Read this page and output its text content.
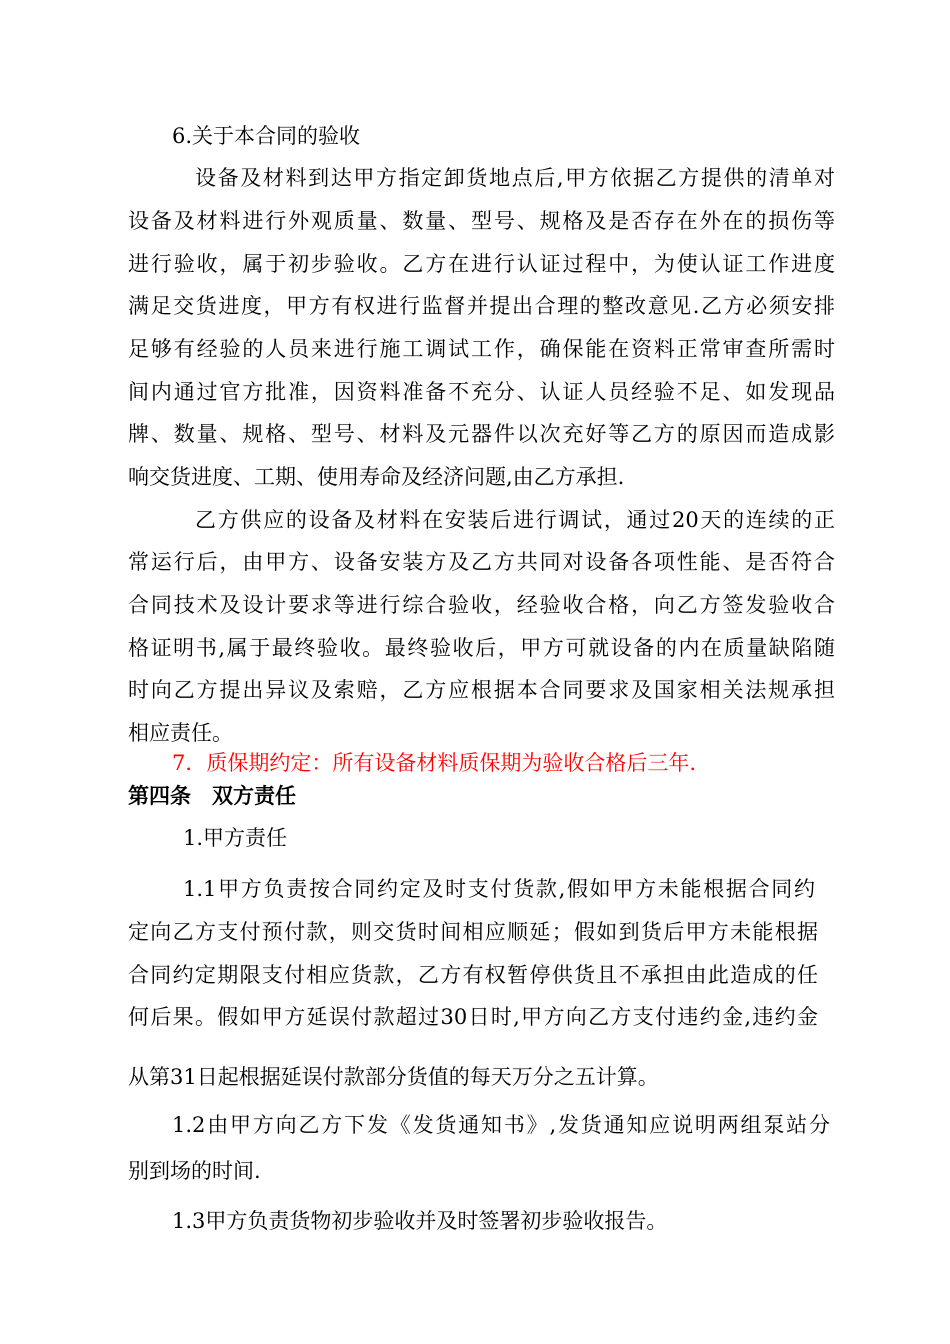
6.关于本合同的验收
设备及材料到达甲方指定卸货地点后,甲方依据乙方提供的清单对
设备及材料进行外观质量、数量、型号、规格及是否存在外在的损伤等
进行验收，属于初步验收。乙方在进行认证过程中，为使认证工作进度
满足交货进度，甲方有权进行监督并提出合理的整改意见.乙方必须安排
足够有经验的人员来进行施工调试工作，确保能在资料正常审查所需时
间内通过官方批准，因资料准备不充分、认证人员经验不足、如发现品
牌、数量、规格、型号、材料及元器件以次充好等乙方的原因而造成影
响交货进度、工期、使用寿命及经济问题,由乙方承担.
乙方供应的设备及材料在安装后进行调试，通过20天的连续的正
常运行后，由甲方、设备安装方及乙方共同对设备各项性能、是否符合
合同技术及设计要求等进行综合验收，经验收合格，向乙方签发验收合
格证明书,属于最终验收。最终验收后，甲方可就设备的内在质量缺陷随
时向乙方提出异议及索赔，乙方应根据本合同要求及国家相关法规承担
相应责任。
7．质保期约定：所有设备材料质保期为验收合格后三年.
第四条　双方责任
1.甲方责任
1.1甲方负责按合同约定及时支付货款,假如甲方未能根据合同约
定向乙方支付预付款，则交货时间相应顺延；假如到货后甲方未能根据
合同约定期限支付相应货款，乙方有权暂停供货且不承担由此造成的任
何后果。假如甲方延误付款超过30日时,甲方向乙方支付违约金,违约金
从第31日起根据延误付款部分货值的每天万分之五计算。
1.2由甲方向乙方下发《发货通知书》,发货通知应说明两组泵站分
别到场的时间.
1.3甲方负责货物初步验收并及时签署初步验收报告。
